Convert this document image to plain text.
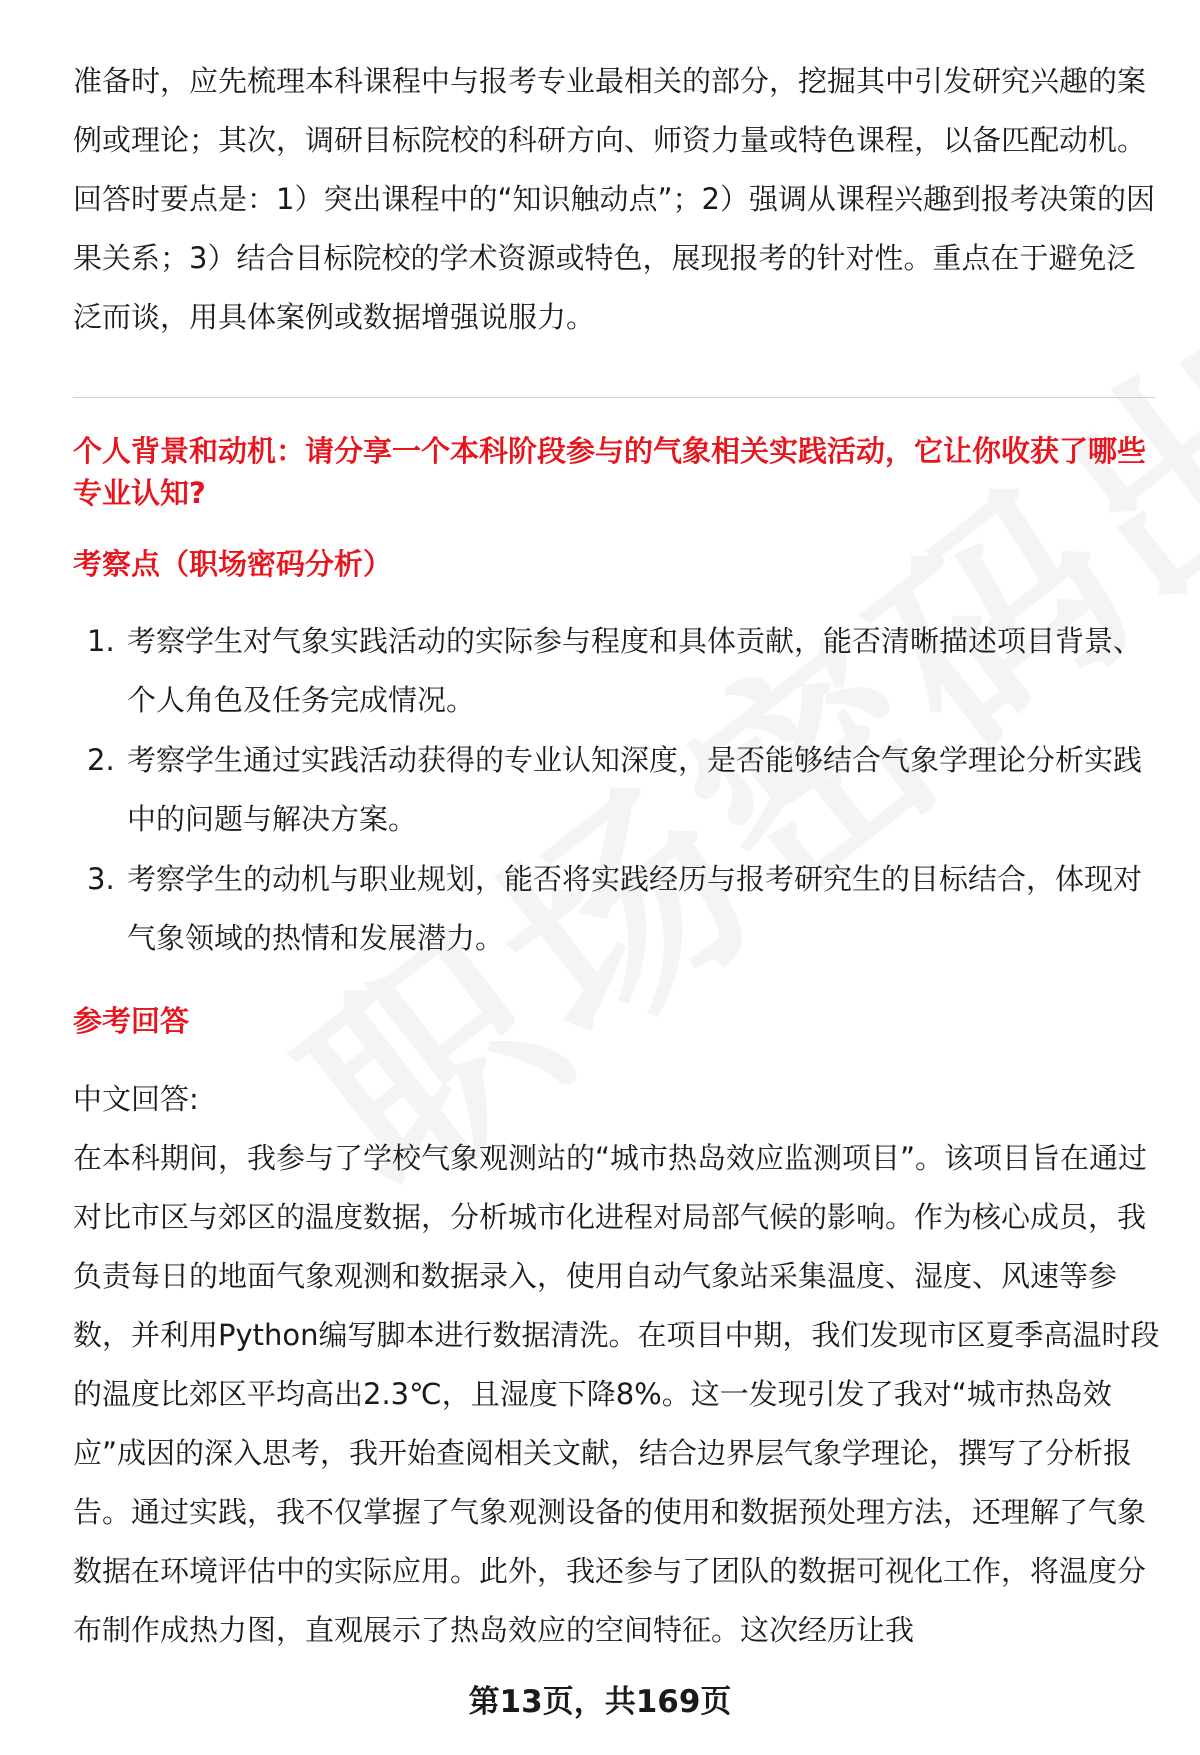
准备时，应先梳理本科课程中与报考专业最相关的部分，挖掘其中引发研究兴趣的案例或理论；其次，调研目标院校的科研方向、师资力量或特色课程，以备匹配动机。回答时要点是：1）突出课程中的“知识触动点”；2）强调从课程兴趣到报考决策的因果关系；3）结合目标院校的学术资源或特色，展现报考的针对性。重点在于避免泛泛而谈，用具体案例或数据增强说服力。

个人背景和动机：请分享一个本科阶段参与的气象相关实践活动，它让你收获了哪些专业认知?

考察点（职场密码分析）
1. 考察学生对气象实践活动的实际参与程度和具体贡献，能否清晰描述项目背景、个人角色及任务完成情况。
2. 考察学生通过实践活动获得的专业认知深度，是否能够结合气象学理论分析实践中的问题与解决方案。
3. 考察学生的动机与职业规划，能否将实践经历与报考研究生的目标结合，体现对气象领域的热情和发展潜力。
参考回答

中文回答:

在本科期间，我参与了学校气象观测站的“城市热岛效应监测项目”。该项目旨在通过对比市区与郊区的温度数据，分析城市化进程对局部气候的影响。作为核心成员，我负责每日的地面气象观测和数据录入，使用自动气象站采集温度、湿度、风速等参数，并利用Python编写脚本进行数据清洗。在项目中期，我们发现市区夏季高温时段的温度比郊区平均高出2.3℃，且湿度下降8%。这一发现引发了我对“城市热岛效应”成因的深入思考，我开始查阅相关文献，结合边界层气象学理论，撰写了分析报告。通过实践，我不仅掌握了气象观测设备的使用和数据预处理方法，还理解了气象数据在环境评估中的实际应用。此外，我还参与了团队的数据可视化工作，将温度分布制作成热力图，直观展示了热岛效应的空间特征。这次经历让我

第13页，共169页
